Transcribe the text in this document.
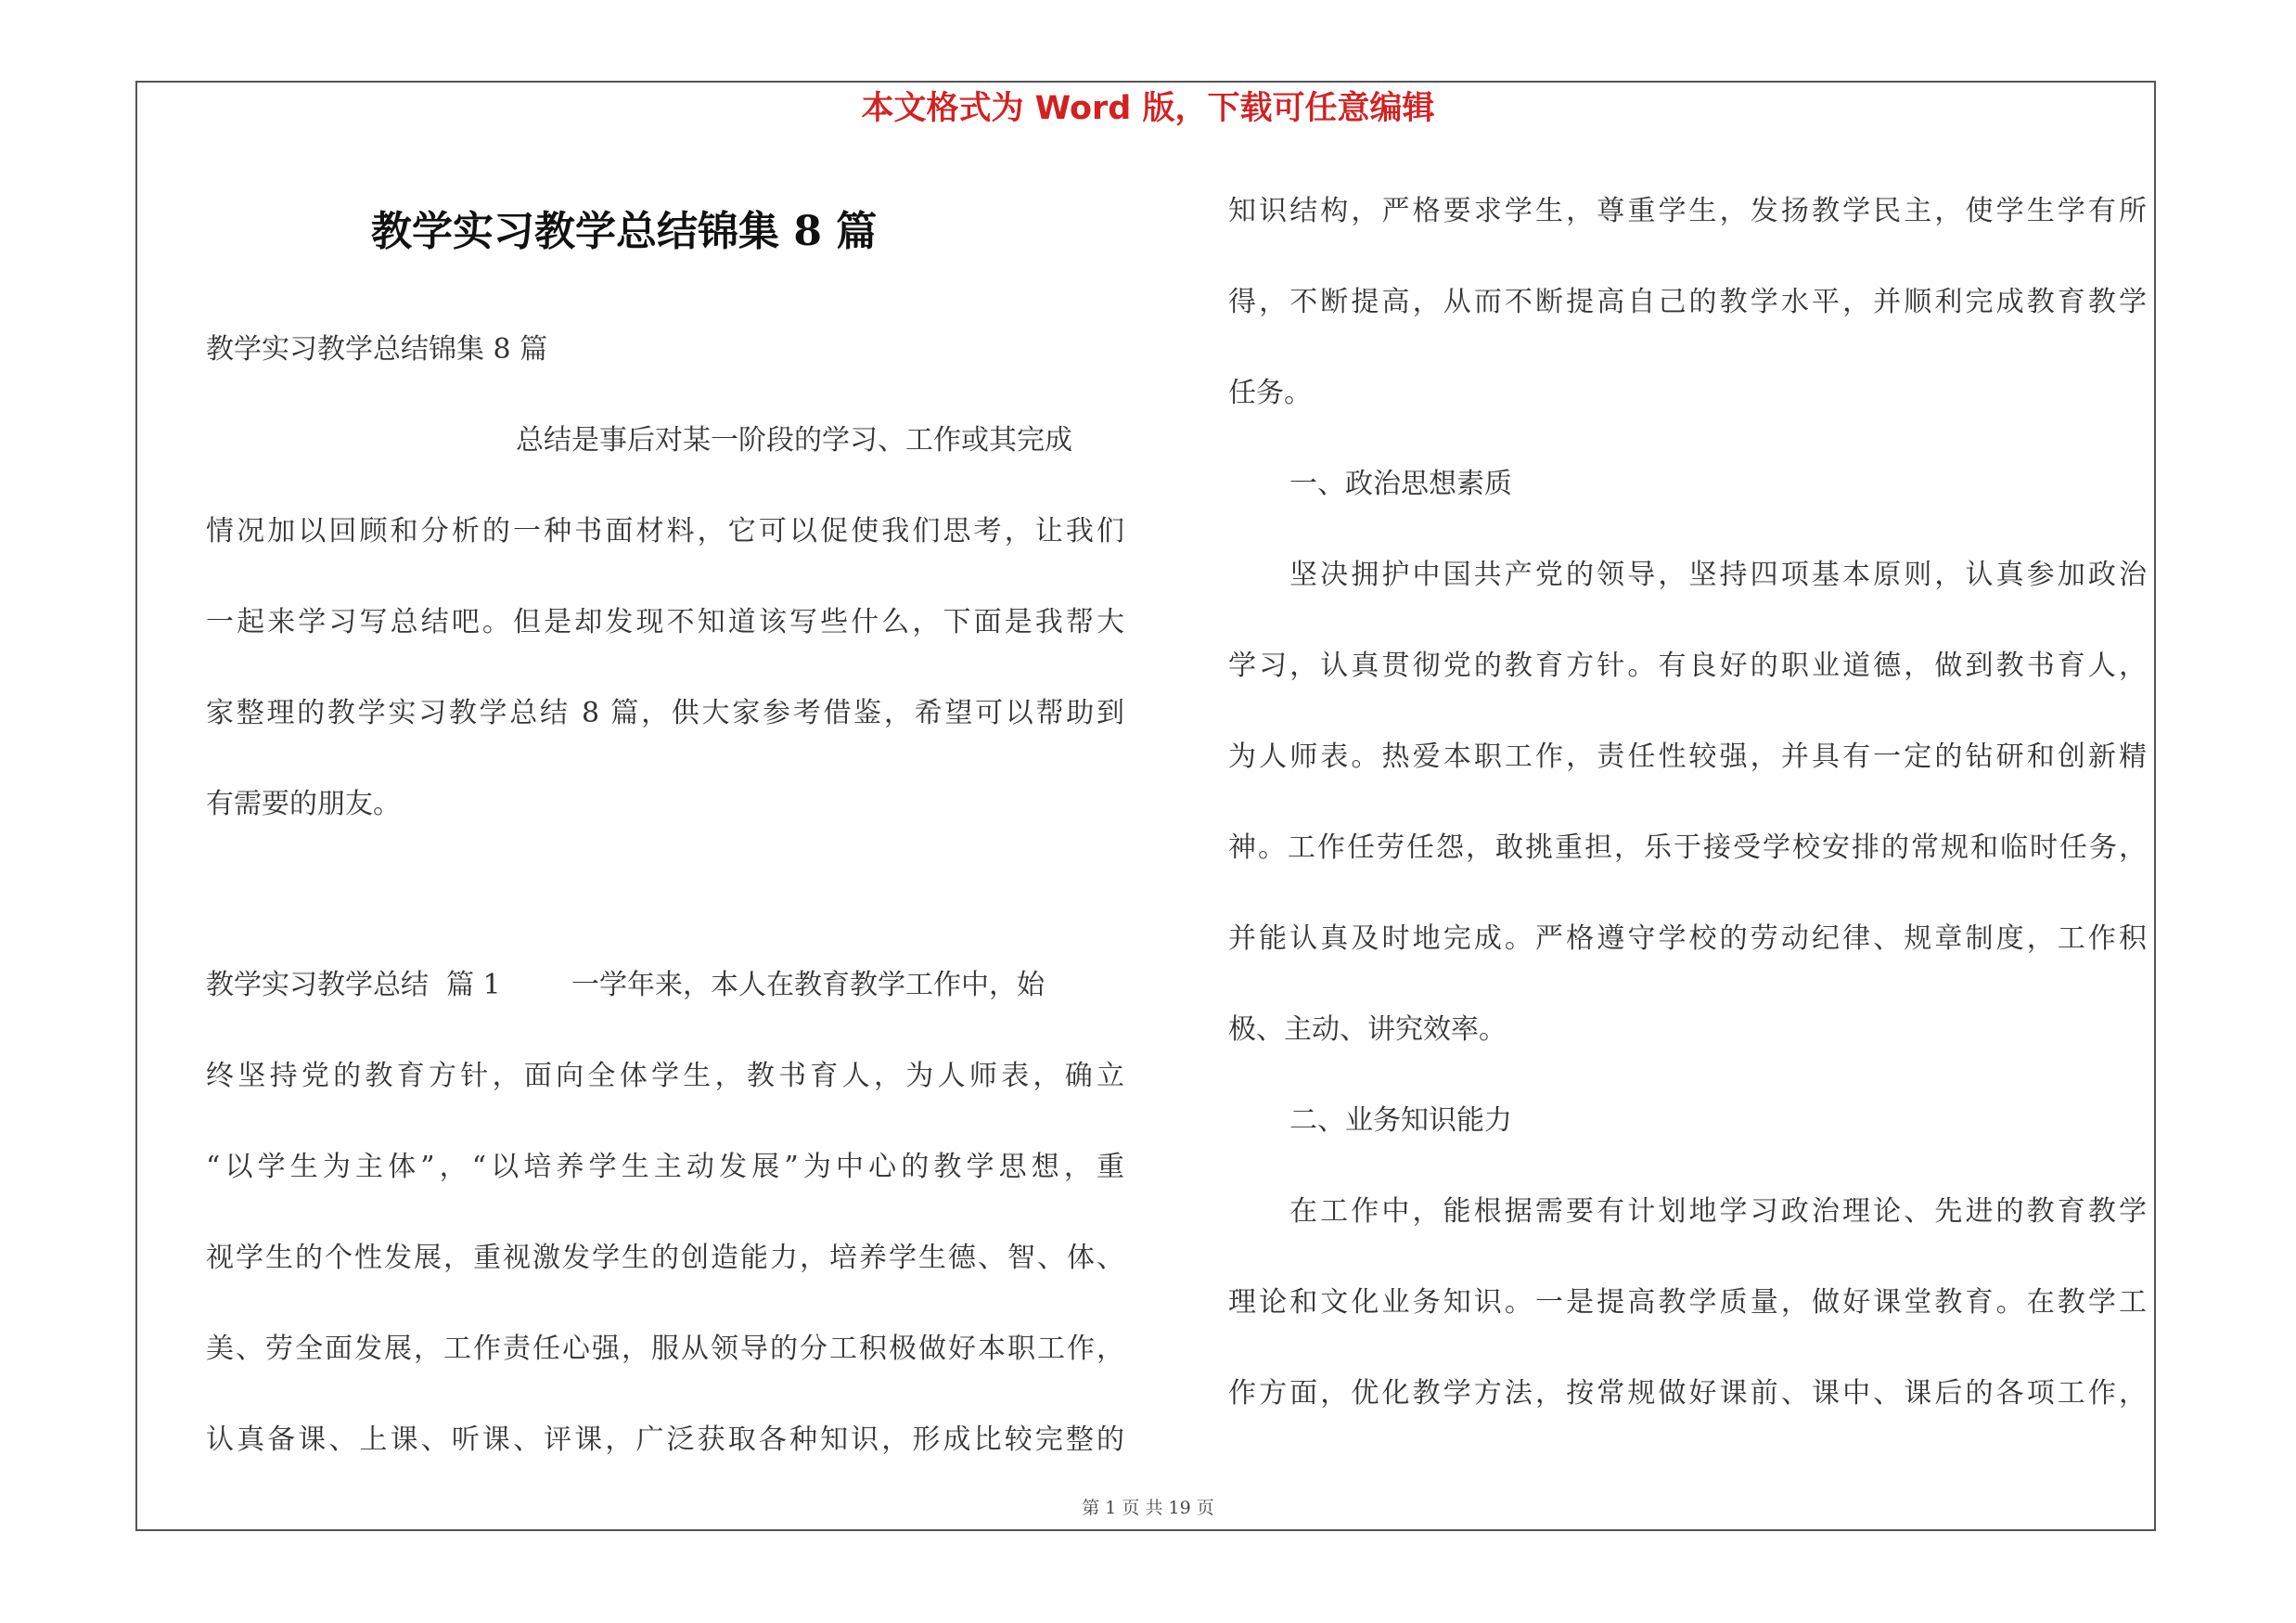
本文格式为 Word 版，下载可任意编辑
教学实习教学总结锦集 8 篇
教学实习教学总结锦集 8 篇
总结是事后对某一阶段的学习、工作或其完成
情况加以回顾和分析的一种书面材料，它可以促使我们思考，让我们
一起来学习写总结吧。但是却发现不知道该写些什么，下面是我帮大
家整理的教学实习教学总结 8 篇，供大家参考借鉴，希望可以帮助到
有需要的朋友。
教学实习教学总结  篇 1        一学年来，本人在教育教学工作中，始
终坚持党的教育方针，面向全体学生，教书育人，为人师表，确立
“以学生为主体”，“以培养学生主动发展”为中心的教学思想，重
视学生的个性发展，重视激发学生的创造能力，培养学生德、智、体、
美、劳全面发展，工作责任心强，服从领导的分工积极做好本职工作，
认真备课、上课、听课、评课，广泛获取各种知识，形成比较完整的
知识结构，严格要求学生，尊重学生，发扬教学民主，使学生学有所
得，不断提高，从而不断提高自己的教学水平，并顺利完成教育教学
任务。
一、政治思想素质
坚决拥护中国共产党的领导，坚持四项基本原则，认真参加政治
学习，认真贯彻党的教育方针。有良好的职业道德，做到教书育人，
为人师表。热爱本职工作，责任性较强，并具有一定的钻研和创新精
神。工作任劳任怨，敢挑重担，乐于接受学校安排的常规和临时任务，
并能认真及时地完成。严格遵守学校的劳动纪律、规章制度，工作积
极、主动、讲究效率。
二、业务知识能力
在工作中，能根据需要有计划地学习政治理论、先进的教育教学
理论和文化业务知识。一是提高教学质量，做好课堂教育。在教学工
作方面，优化教学方法，按常规做好课前、课中、课后的各项工作，
第 1 页 共 19 页
